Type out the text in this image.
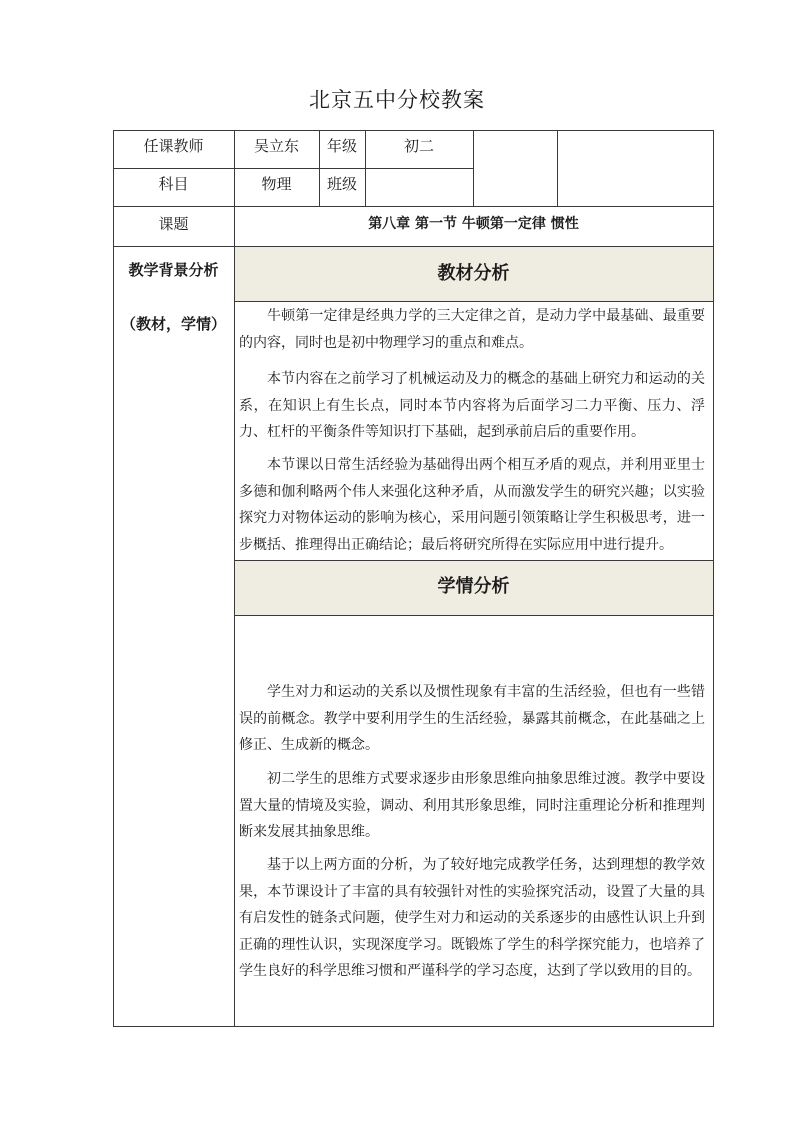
北京五中分校教案
任课教师	吴立东	年级	初二
科目	物理	班级
课题	第八章 第一节 牛顿第一定律 惯性
教学背景分析
（教材，学情）
教材分析
牛顿第一定律是经典力学的三大定律之首，是动力学中最基础、最重要的内容，同时也是初中物理学习的重点和难点。
本节内容在之前学习了机械运动及力的概念的基础上研究力和运动的关系，在知识上有生长点，同时本节内容将为后面学习二力平衡、压力、浮力、杠杆的平衡条件等知识打下基础，起到承前启后的重要作用。
本节课以日常生活经验为基础得出两个相互矛盾的观点，并利用亚里士多德和伽利略两个伟人来强化这种矛盾，从而激发学生的研究兴趣；以实验探究力对物体运动的影响为核心，采用问题引领策略让学生积极思考，进一步概括、推理得出正确结论；最后将研究所得在实际应用中进行提升。
学情分析
学生对力和运动的关系以及惯性现象有丰富的生活经验，但也有一些错误的前概念。教学中要利用学生的生活经验，暴露其前概念，在此基础之上修正、生成新的概念。
初二学生的思维方式要求逐步由形象思维向抽象思维过渡。教学中要设置大量的情境及实验，调动、利用其形象思维，同时注重理论分析和推理判断来发展其抽象思维。
基于以上两方面的分析，为了较好地完成教学任务，达到理想的教学效果，本节课设计了丰富的具有较强针对性的实验探究活动，设置了大量的具有启发性的链条式问题，使学生对力和运动的关系逐步的由感性认识上升到正确的理性认识，实现深度学习。既锻炼了学生的科学探究能力，也培养了学生良好的科学思维习惯和严谨科学的学习态度，达到了学以致用的目的。
